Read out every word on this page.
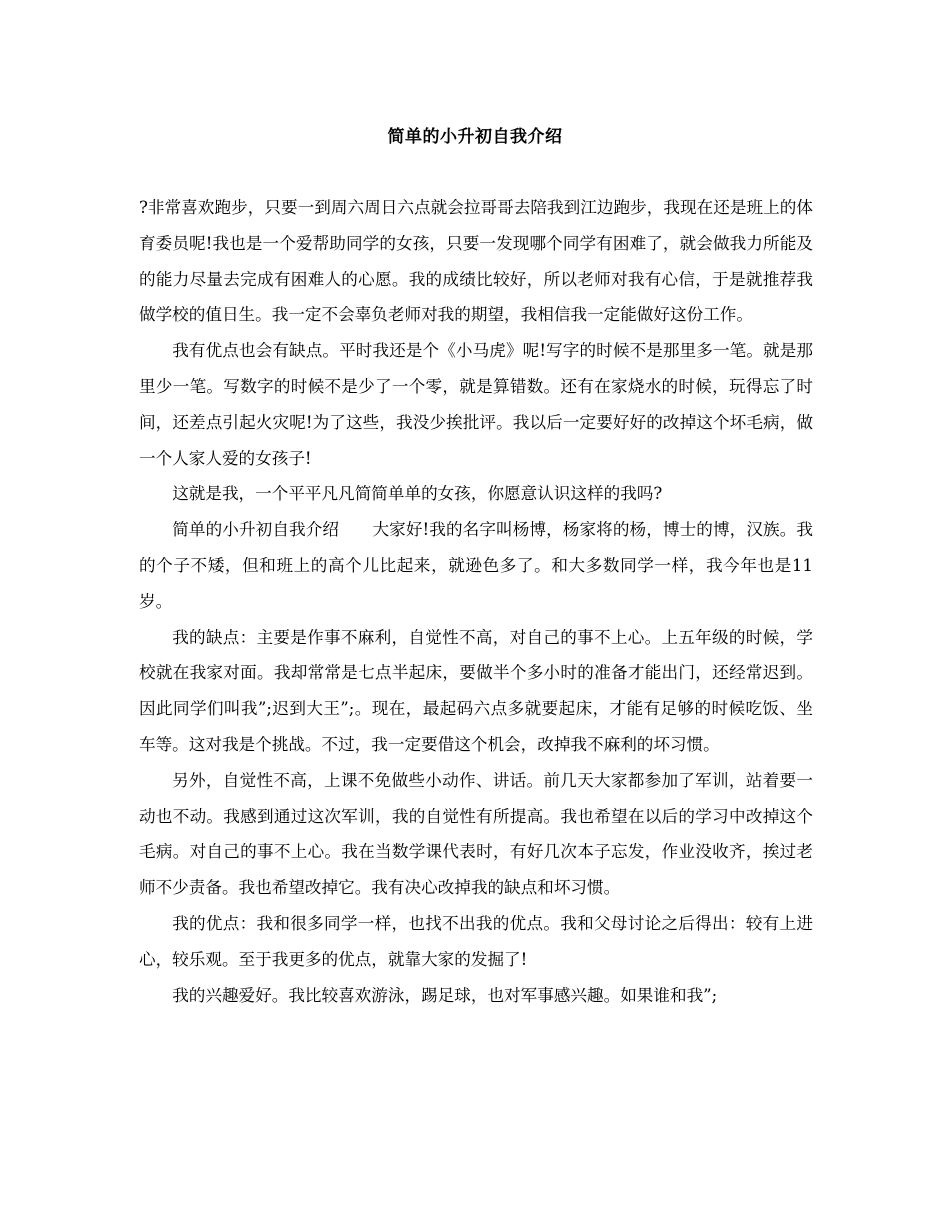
简单的小升初自我介绍

?非常喜欢跑步，只要一到周六周日六点就会拉哥哥去陪我到江边跑步，我现在还是班上的体育委员呢!我也是一个爱帮助同学的女孩，只要一发现哪个同学有困难了，就会做我力所能及的能力尽量去完成有困难人的心愿。我的成绩比较好，所以老师对我有心信，于是就推荐我做学校的值日生。我一定不会辜负老师对我的期望，我相信我一定能做好这份工作。

我有优点也会有缺点。平时我还是个《小马虎》呢!写字的时候不是那里多一笔。就是那里少一笔。写数字的时候不是少了一个零，就是算错数。还有在家烧水的时候，玩得忘了时间，还差点引起火灾呢!为了这些，我没少挨批评。我以后一定要好好的改掉这个坏毛病，做一个人家人爱的女孩子!

这就是我，一个平平凡凡简简单单的女孩，你愿意认识这样的我吗?

简单的小升初自我介绍　　大家好!我的名字叫杨博，杨家将的杨，博士的博，汉族。我的个子不矮，但和班上的高个儿比起来，就逊色多了。和大多数同学一样，我今年也是11岁。

我的缺点：主要是作事不麻利，自觉性不高，对自己的事不上心。上五年级的时候，学校就在我家对面。我却常常是七点半起床，要做半个多小时的准备才能出门，还经常迟到。因此同学们叫我”;迟到大王”;。现在，最起码六点多就要起床，才能有足够的时候吃饭、坐车等。这对我是个挑战。不过，我一定要借这个机会，改掉我不麻利的坏习惯。

另外，自觉性不高，上课不免做些小动作、讲话。前几天大家都参加了军训，站着要一动也不动。我感到通过这次军训，我的自觉性有所提高。我也希望在以后的学习中改掉这个毛病。对自己的事不上心。我在当数学课代表时，有好几次本子忘发，作业没收齐，挨过老师不少责备。我也希望改掉它。我有决心改掉我的缺点和坏习惯。

我的优点：我和很多同学一样，也找不出我的优点。我和父母讨论之后得出：较有上进心，较乐观。至于我更多的优点，就靠大家的发掘了!

我的兴趣爱好。我比较喜欢游泳，踢足球，也对军事感兴趣。如果谁和我”;
